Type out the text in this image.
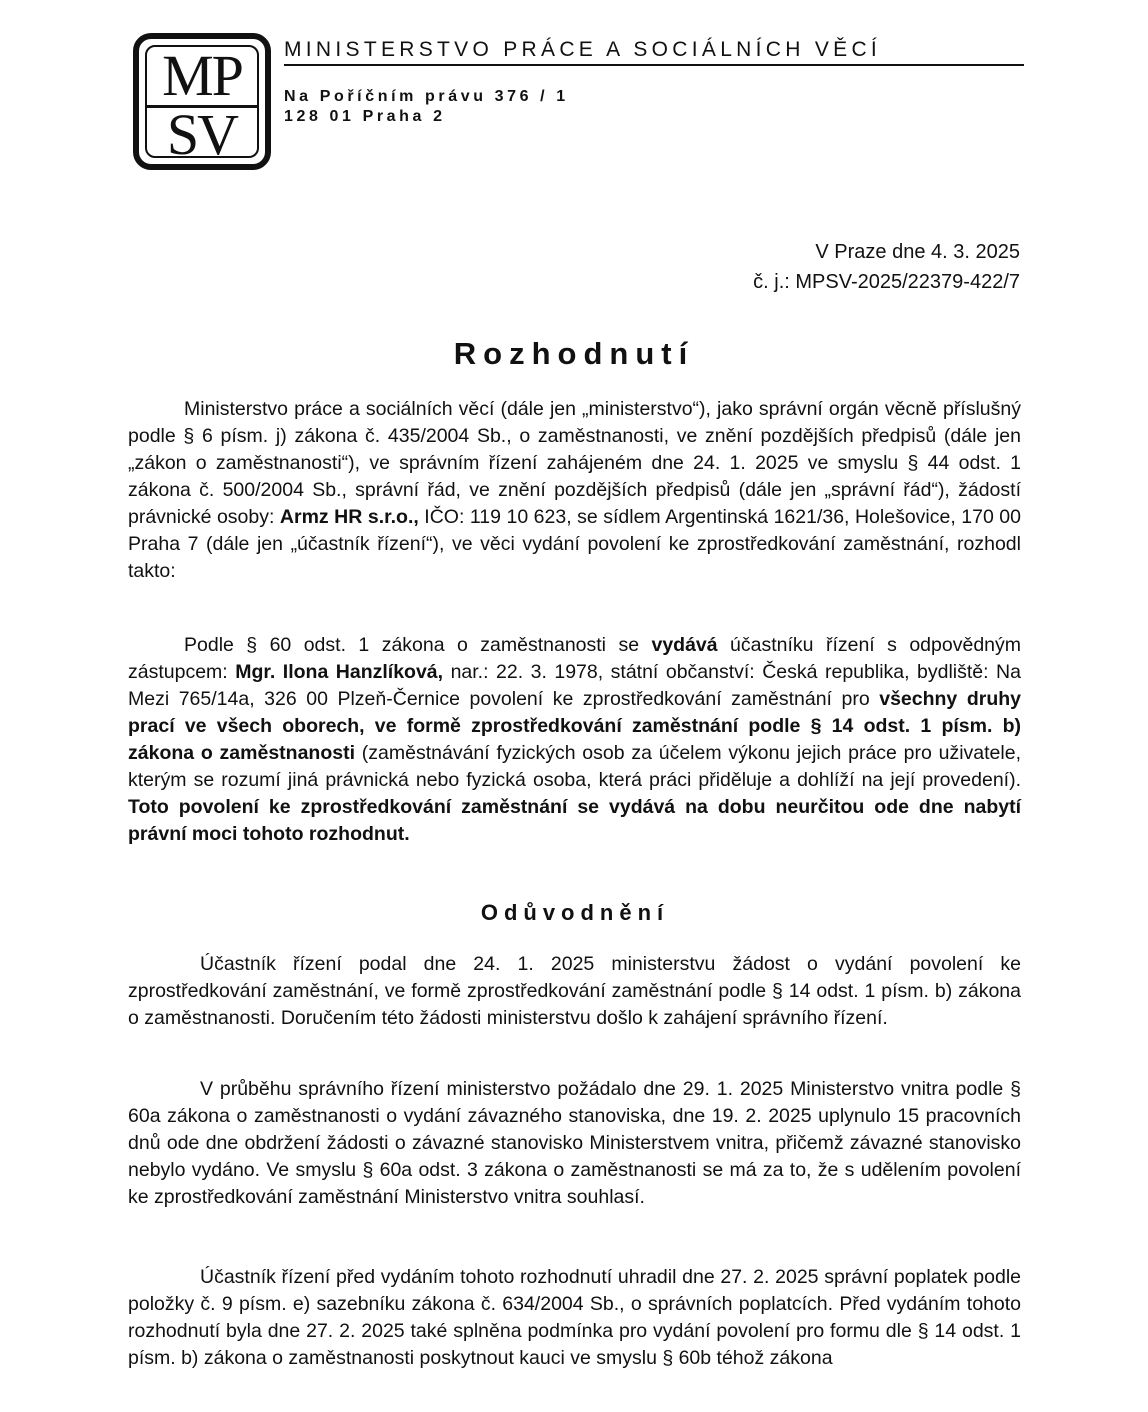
MP
SV
MINISTERSTVO PRÁCE A SOCIÁLNÍCH VĚCÍ
Na Poříčním právu 376 / 1
128 01 Praha 2
V Praze dne 4. 3. 2025
č. j.: MPSV-2025/22379-422/7
Rozhodnutí

Ministerstvo práce a sociálních věcí (dále jen „ministerstvo“), jako správní orgán věcně příslušný podle § 6 písm. j) zákona č. 435/2004 Sb., o zaměstnanosti, ve znění pozdějších předpisů (dále jen „zákon o zaměstnanosti“), ve správním řízení zahájeném dne 24. 1. 2025 ve smyslu § 44 odst. 1 zákona č. 500/2004 Sb., správní řád, ve znění pozdějších předpisů (dále jen „správní řád“), žádostí právnické osoby: Armz HR s.r.o., IČO: 119 10 623, se sídlem Argentinská 1621/36, Holešovice, 170 00 Praha 7 (dále jen „účastník řízení“), ve věci vydání povolení ke zprostředkování zaměstnání, rozhodl takto:

Podle § 60 odst. 1 zákona o zaměstnanosti se vydává účastníku řízení s odpovědným zástupcem: Mgr. Ilona Hanzlíková, nar.: 22. 3. 1978, státní občanství: Česká republika, bydliště: Na Mezi 765/14a, 326 00 Plzeň-Černice povolení ke zprostředkování zaměstnání pro všechny druhy prací ve všech oborech, ve formě zprostředkování zaměstnání podle § 14 odst. 1 písm. b) zákona o zaměstnanosti (zaměstnávání fyzických osob za účelem výkonu jejich práce pro uživatele, kterým se rozumí jiná právnická nebo fyzická osoba, která práci přiděluje a dohlíží na její provedení). Toto povolení ke zprostředkování zaměstnání se vydává na dobu neurčitou ode dne nabytí právní moci tohoto rozhodnut.

Odůvodnění

Účastník řízení podal dne 24. 1. 2025 ministerstvu žádost o vydání povolení ke zprostředkování zaměstnání, ve formě zprostředkování zaměstnání podle § 14 odst. 1 písm. b) zákona o zaměstnanosti. Doručením této žádosti ministerstvu došlo k zahájení správního řízení.

V průběhu správního řízení ministerstvo požádalo dne 29. 1. 2025 Ministerstvo vnitra podle § 60a zákona o zaměstnanosti o vydání závazného stanoviska, dne 19. 2. 2025 uplynulo 15 pracovních dnů ode dne obdržení žádosti o závazné stanovisko Ministerstvem vnitra, přičemž závazné stanovisko nebylo vydáno. Ve smyslu § 60a odst. 3 zákona o zaměstnanosti se má za to, že s udělením povolení ke zprostředkování zaměstnání Ministerstvo vnitra souhlasí.

Účastník řízení před vydáním tohoto rozhodnutí uhradil dne 27. 2. 2025 správní poplatek podle položky č. 9 písm. e) sazebníku zákona č. 634/2004 Sb., o správních poplatcích. Před vydáním tohoto rozhodnutí byla dne 27. 2. 2025 také splněna podmínka pro vydání povolení pro formu dle § 14 odst. 1 písm. b) zákona o zaměstnanosti poskytnout kauci ve smyslu § 60b téhož zákona
